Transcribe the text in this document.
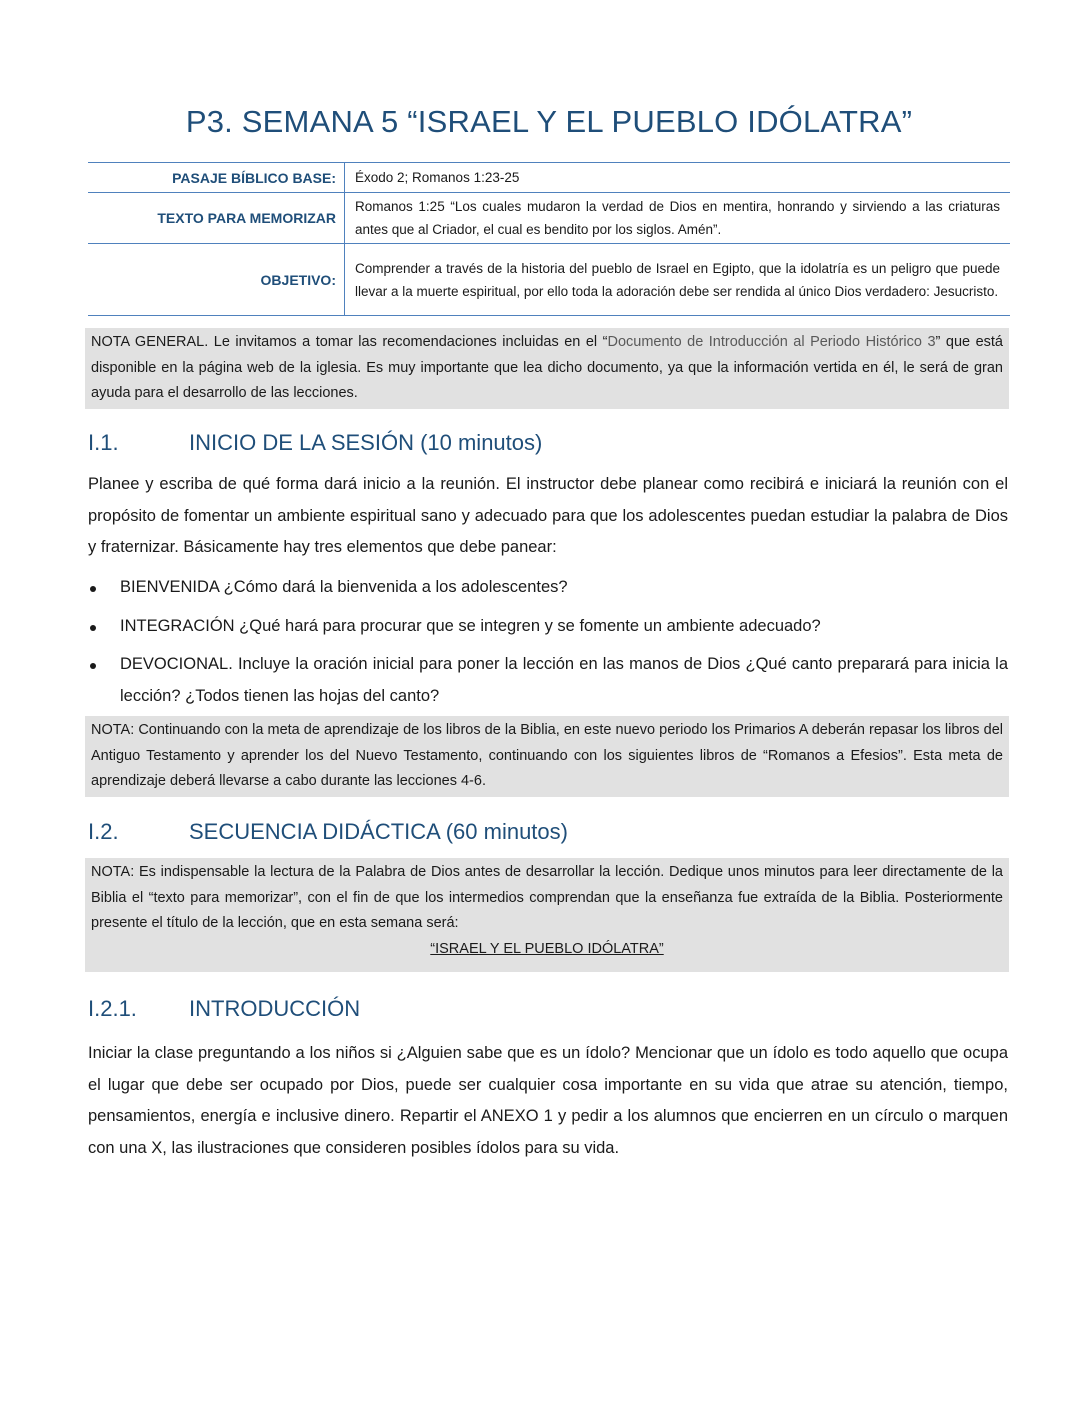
P3. SEMANA 5 “ISRAEL Y EL PUEBLO IDÓLATRA”
PASAJE BÍBLICO BASE:	Éxodo 2; Romanos 1:23-25
TEXTO PARA MEMORIZAR	Romanos 1:25 “Los cuales mudaron la verdad de Dios en mentira, honrando y sirviendo a las criaturas antes que al Criador, el cual es bendito por los siglos. Amén”.
OBJETIVO:	Comprender a través de la historia del pueblo de Israel en Egipto, que la idolatría es un peligro que puede llevar a la muerte espiritual, por ello toda la adoración debe ser rendida al único Dios verdadero: Jesucristo.
NOTA GENERAL. Le invitamos a tomar las recomendaciones incluidas en el “Documento de Introducción al Periodo Histórico 3” que está disponible en la página web de la iglesia. Es muy importante que lea dicho documento, ya que la información vertida en él, le será de gran ayuda para el desarrollo de las lecciones.
I.1.	INICIO DE LA SESIÓN (10 minutos)

Planee y escriba de qué forma dará inicio a la reunión. El instructor debe planear como recibirá e iniciará la reunión con el propósito de fomentar un ambiente espiritual sano y adecuado para que los adolescentes puedan estudiar la palabra de Dios y fraternizar. Básicamente hay tres elementos que debe panear:

BIENVENIDA ¿Cómo dará la bienvenida a los adolescentes?
INTEGRACIÓN ¿Qué hará para procurar que se integren y se fomente un ambiente adecuado?
DEVOCIONAL. Incluye la oración inicial para poner la lección en las manos de Dios ¿Qué canto preparará para inicia la lección? ¿Todos tienen las hojas del canto?
NOTA: Continuando con la meta de aprendizaje de los libros de la Biblia, en este nuevo periodo los Primarios A deberán repasar los libros del Antiguo Testamento y aprender los del Nuevo Testamento, continuando con los siguientes libros de “Romanos a Efesios”. Esta meta de aprendizaje deberá llevarse a cabo durante las lecciones 4-6.
I.2.	SECUENCIA DIDÁCTICA (60 minutos)
NOTA: Es indispensable la lectura de la Palabra de Dios antes de desarrollar la lección. Dedique unos minutos para leer directamente de la Biblia el “texto para memorizar”, con el fin de que los intermedios comprendan que la enseñanza fue extraída de la Biblia. Posteriormente presente el título de la lección, que en esta semana será:
“ISRAEL Y EL PUEBLO IDÓLATRA”
I.2.1. INTRODUCCIÓN

Iniciar la clase preguntando a los niños si ¿Alguien sabe que es un ídolo? Mencionar que un ídolo es todo aquello que ocupa el lugar que debe ser ocupado por Dios, puede ser cualquier cosa importante en su vida que atrae su atención, tiempo, pensamientos, energía e inclusive dinero. Repartir el ANEXO 1 y pedir a los alumnos que encierren en un círculo o marquen con una X, las ilustraciones que consideren posibles ídolos para su vida.
